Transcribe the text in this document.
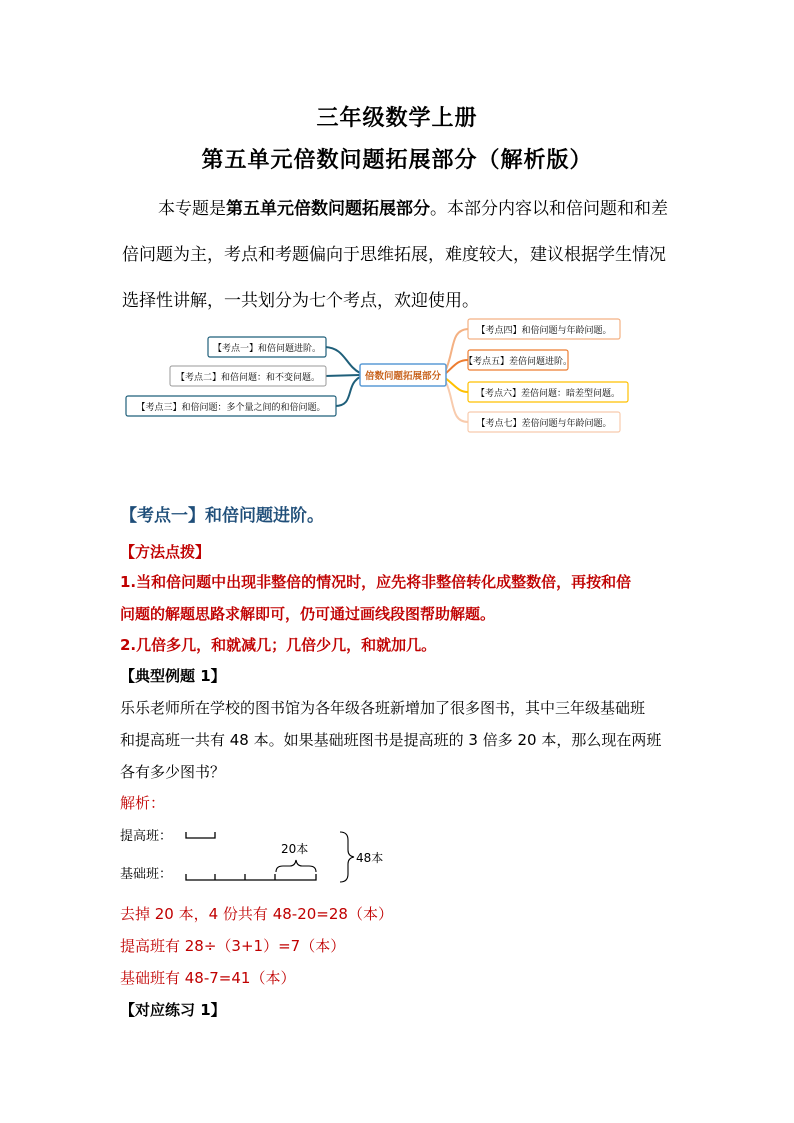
三年级数学上册
第五单元倍数问题拓展部分（解析版）
本专题是第五单元倍数问题拓展部分。本部分内容以和倍问题和和差倍问题为主，考点和考题偏向于思维拓展，难度较大，建议根据学生情况选择性讲解，一共划分为七个考点，欢迎使用。
【考点一】和倍问题进阶。
【考点二】和倍问题：和不变问题。
【考点三】和倍问题：多个量之间的和倍问题。
倍数问题拓展部分
【考点四】和倍问题与年龄问题。
【考点五】差倍问题进阶。
【考点六】差倍问题：暗差型问题。
【考点七】差倍问题与年龄问题。
【考点一】和倍问题进阶。
【方法点拨】
1.当和倍问题中出现非整倍的情况时，应先将非整倍转化成整数倍，再按和倍
问题的解题思路求解即可，仍可通过画线段图帮助解题。
2.几倍多几，和就减几；几倍少几，和就加几。
【典型例题 1】
乐乐老师所在学校的图书馆为各年级各班新增加了很多图书，其中三年级基础班
和提高班一共有 48 本。如果基础班图书是提高班的 3 倍多 20 本，那么现在两班
各有多少图书？
解析：
提高班：
基础班：
20本
48本
去掉 20 本，4 份共有 48-20=28（本）
提高班有 28÷（3+1）=7（本）
基础班有 48-7=41（本）
【对应练习 1】
